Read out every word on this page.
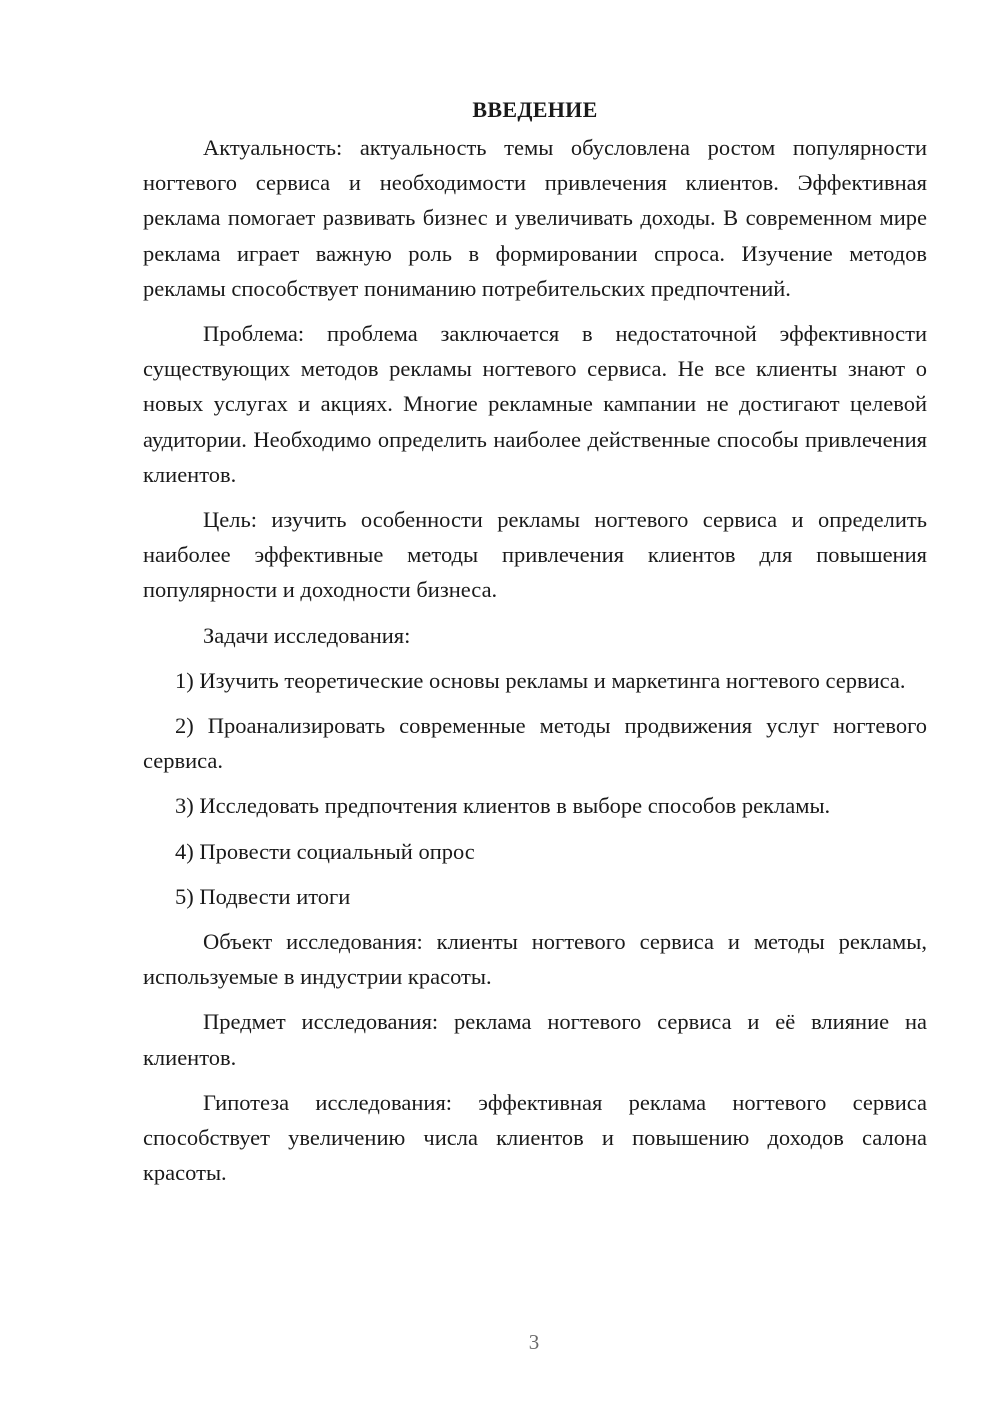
ВВЕДЕНИЕ

Актуальность: актуальность темы обусловлена ростом популярности ногтевого сервиса и необходимости привлечения клиентов. Эффективная реклама помогает развивать бизнес и увеличивать доходы. В современном мире реклама играет важную роль в формировании спроса. Изучение методов рекламы способствует пониманию потребительских предпочтений.

Проблема: проблема заключается в недостаточной эффективности существующих методов рекламы ногтевого сервиса. Не все клиенты знают о новых услугах и акциях. Многие рекламные кампании не достигают целевой аудитории. Необходимо определить наиболее действенные способы привлечения клиентов.

Цель: изучить особенности рекламы ногтевого сервиса и определить наиболее эффективные методы привлечения клиентов для повышения популярности и доходности бизнеса.

Задачи исследования:

1) Изучить теоретические основы рекламы и маркетинга ногтевого сервиса.

2) Проанализировать современные методы продвижения услуг ногтевого сервиса.

3) Исследовать предпочтения клиентов в выборе способов рекламы.

4) Провести социальный опрос

5) Подвести итоги

Объект исследования: клиенты ногтевого сервиса и методы рекламы, используемые в индустрии красоты.

Предмет исследования: реклама ногтевого сервиса и её влияние на клиентов.

Гипотеза исследования: эффективная реклама ногтевого сервиса способствует увеличению числа клиентов и повышению доходов салона красоты.

3
